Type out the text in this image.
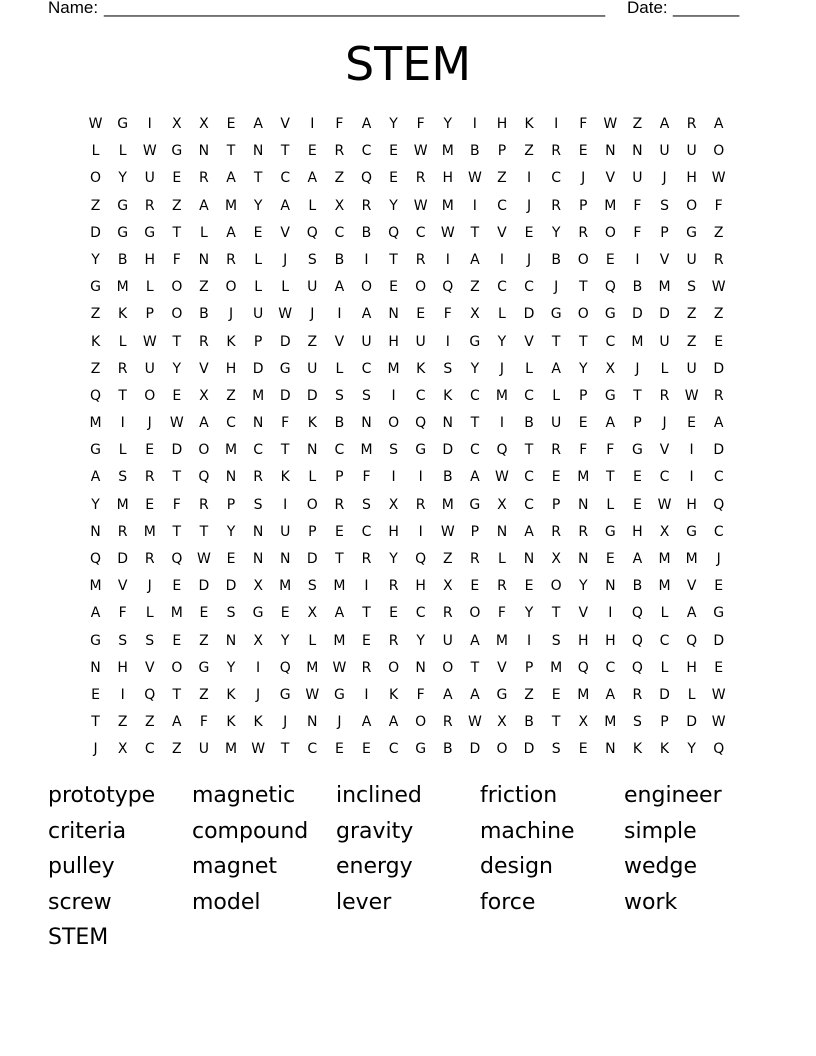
Name: _____________________________________________________ Date: _______
STEM
W	G	I	X	X	E	A	V	I	F	A	Y	F	Y	I	H	K	I	F	W	Z	A	R	A
L	L	W	G	N	T	N	T	E	R	C	E	W	M	B	P	Z	R	E	N	N	U	U	O
O	Y	U	E	R	A	T	C	A	Z	Q	E	R	H	W	Z	I	C	J	V	U	J	H	W
Z	G	R	Z	A	M	Y	A	L	X	R	Y	W	M	I	C	J	R	P	M	F	S	O	F
D	G	G	T	L	A	E	V	Q	C	B	Q	C	W	T	V	E	Y	R	O	F	P	G	Z
Y	B	H	F	N	R	L	J	S	B	I	T	R	I	A	I	J	B	O	E	I	V	U	R
G	M	L	O	Z	O	L	L	U	A	O	E	O	Q	Z	C	C	J	T	Q	B	M	S	W
Z	K	P	O	B	J	U	W	J	I	A	N	E	F	X	L	D	G	O	G	D	D	Z	Z
K	L	W	T	R	K	P	D	Z	V	U	H	U	I	G	Y	V	T	T	C	M	U	Z	E
Z	R	U	Y	V	H	D	G	U	L	C	M	K	S	Y	J	L	A	Y	X	J	L	U	D
Q	T	O	E	X	Z	M	D	D	S	S	I	C	K	C	M	C	L	P	G	T	R	W	R
M	I	J	W	A	C	N	F	K	B	N	O	Q	N	T	I	B	U	E	A	P	J	E	A
G	L	E	D	O	M	C	T	N	C	M	S	G	D	C	Q	T	R	F	F	G	V	I	D
A	S	R	T	Q	N	R	K	L	P	F	I	I	B	A	W	C	E	M	T	E	C	I	C
Y	M	E	F	R	P	S	I	O	R	S	X	R	M	G	X	C	P	N	L	E	W	H	Q
N	R	M	T	T	Y	N	U	P	E	C	H	I	W	P	N	A	R	R	G	H	X	G	C
Q	D	R	Q	W	E	N	N	D	T	R	Y	Q	Z	R	L	N	X	N	E	A	M	M	J
M	V	J	E	D	D	X	M	S	M	I	R	H	X	E	R	E	O	Y	N	B	M	V	E
A	F	L	M	E	S	G	E	X	A	T	E	C	R	O	F	Y	T	V	I	Q	L	A	G
G	S	S	E	Z	N	X	Y	L	M	E	R	Y	U	A	M	I	S	H	H	Q	C	Q	D
N	H	V	O	G	Y	I	Q	M	W	R	O	N	O	T	V	P	M	Q	C	Q	L	H	E
E	I	Q	T	Z	K	J	G	W	G	I	K	F	A	A	G	Z	E	M	A	R	D	L	W
T	Z	Z	A	F	K	K	J	N	J	A	A	O	R	W	X	B	T	X	M	S	P	D	W
J	X	C	Z	U	M	W	T	C	E	E	C	G	B	D	O	D	S	E	N	K	K	Y	Q
prototype	magnetic	inclined	friction	engineer
criteria	compound	gravity	machine	simple
pulley	magnet	energy	design	wedge
screw	model	lever	force	work
STEM
